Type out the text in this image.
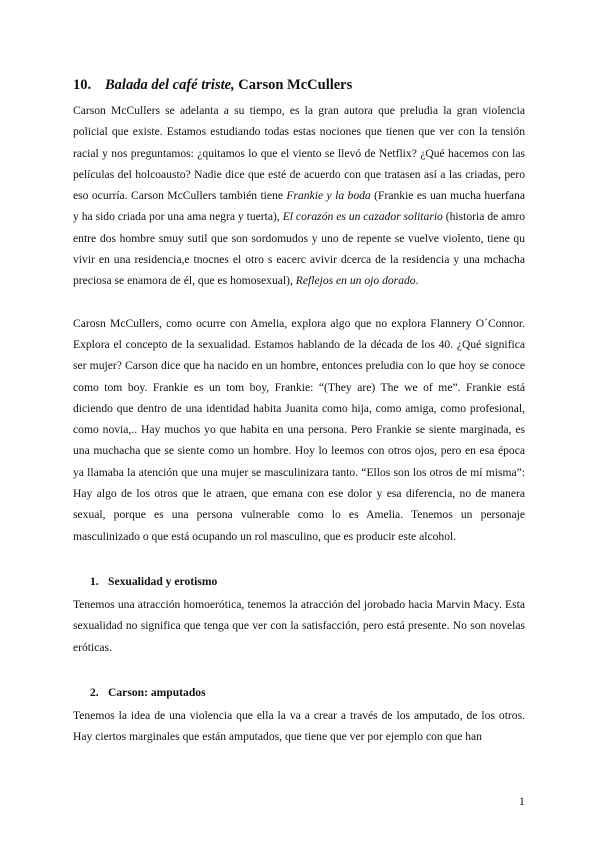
10. Balada del café triste, Carson McCullers

Carson McCullers se adelanta a su tiempo, es la gran autora que preludia la gran violencia policial que existe. Estamos estudiando todas estas nociones que tienen que ver con la tensión racial y nos preguntamos: ¿quitamos lo que el viento se llevó de Netflix? ¿Qué hacemos con las películas del holcoausto? Nadie dice que esté de acuerdo con que tratasen así a las criadas, pero eso ocurría. Carson McCullers también tiene Frankie y la boda (Frankie es uan mucha huerfana y ha sido criada por una ama negra y tuerta), El corazón es un cazador solitario (historia de amro entre dos hombre smuy sutil que son sordomudos y uno de repente se vuelve violento, tiene qu vivir en una residencia,e tnocnes el otro s eacerc avivir dcerca de la residencia y una mchacha preciosa se enamora de él, que es homosexual), Reflejos en un ojo dorado.

Carosn McCullers, como ocurre con Amelia, explora algo que no explora Flannery O´Connor. Explora el concepto de la sexualidad. Estamos hablando de la década de los 40. ¿Qué significa ser mujer? Carson dice que ha nacido en un hombre, entonces preludia con lo que hoy se conoce como tom boy. Frankie es un tom boy, Frankie: “(They are) The we of me”. Frankie está diciendo que dentro de una identidad habita Juanita como hija, como amiga, como profesional, como novia,.. Hay muchos yo que habita en una persona. Pero Frankie se siente marginada, es una muchacha que se siente como un hombre. Hoy lo leemos con otros ojos, pero en esa época ya llamaba la atención que una mujer se masculinizara tanto. “Ellos son los otros de mí misma”: Hay algo de los otros que le atraen, que emana con ese dolor y esa diferencia, no de manera sexual, porque es una persona vulnerable como lo es Amelia. Tenemos un personaje masculinizado o que está ocupando un rol masculino, que es producir este alcohol.

1. Sexualidad y erotismo

Tenemos una atracción homoerótica, tenemos la atracción del jorobado hacia Marvin Macy. Esta sexualidad no significa que tenga que ver con la satisfacción, pero está presente. No son novelas eróticas.

2. Carson: amputados

Tenemos la idea de una violencia que ella la va a crear a través de los amputado, de los otros. Hay ciertos marginales que están amputados, que tiene que ver por ejemplo con que han

1
